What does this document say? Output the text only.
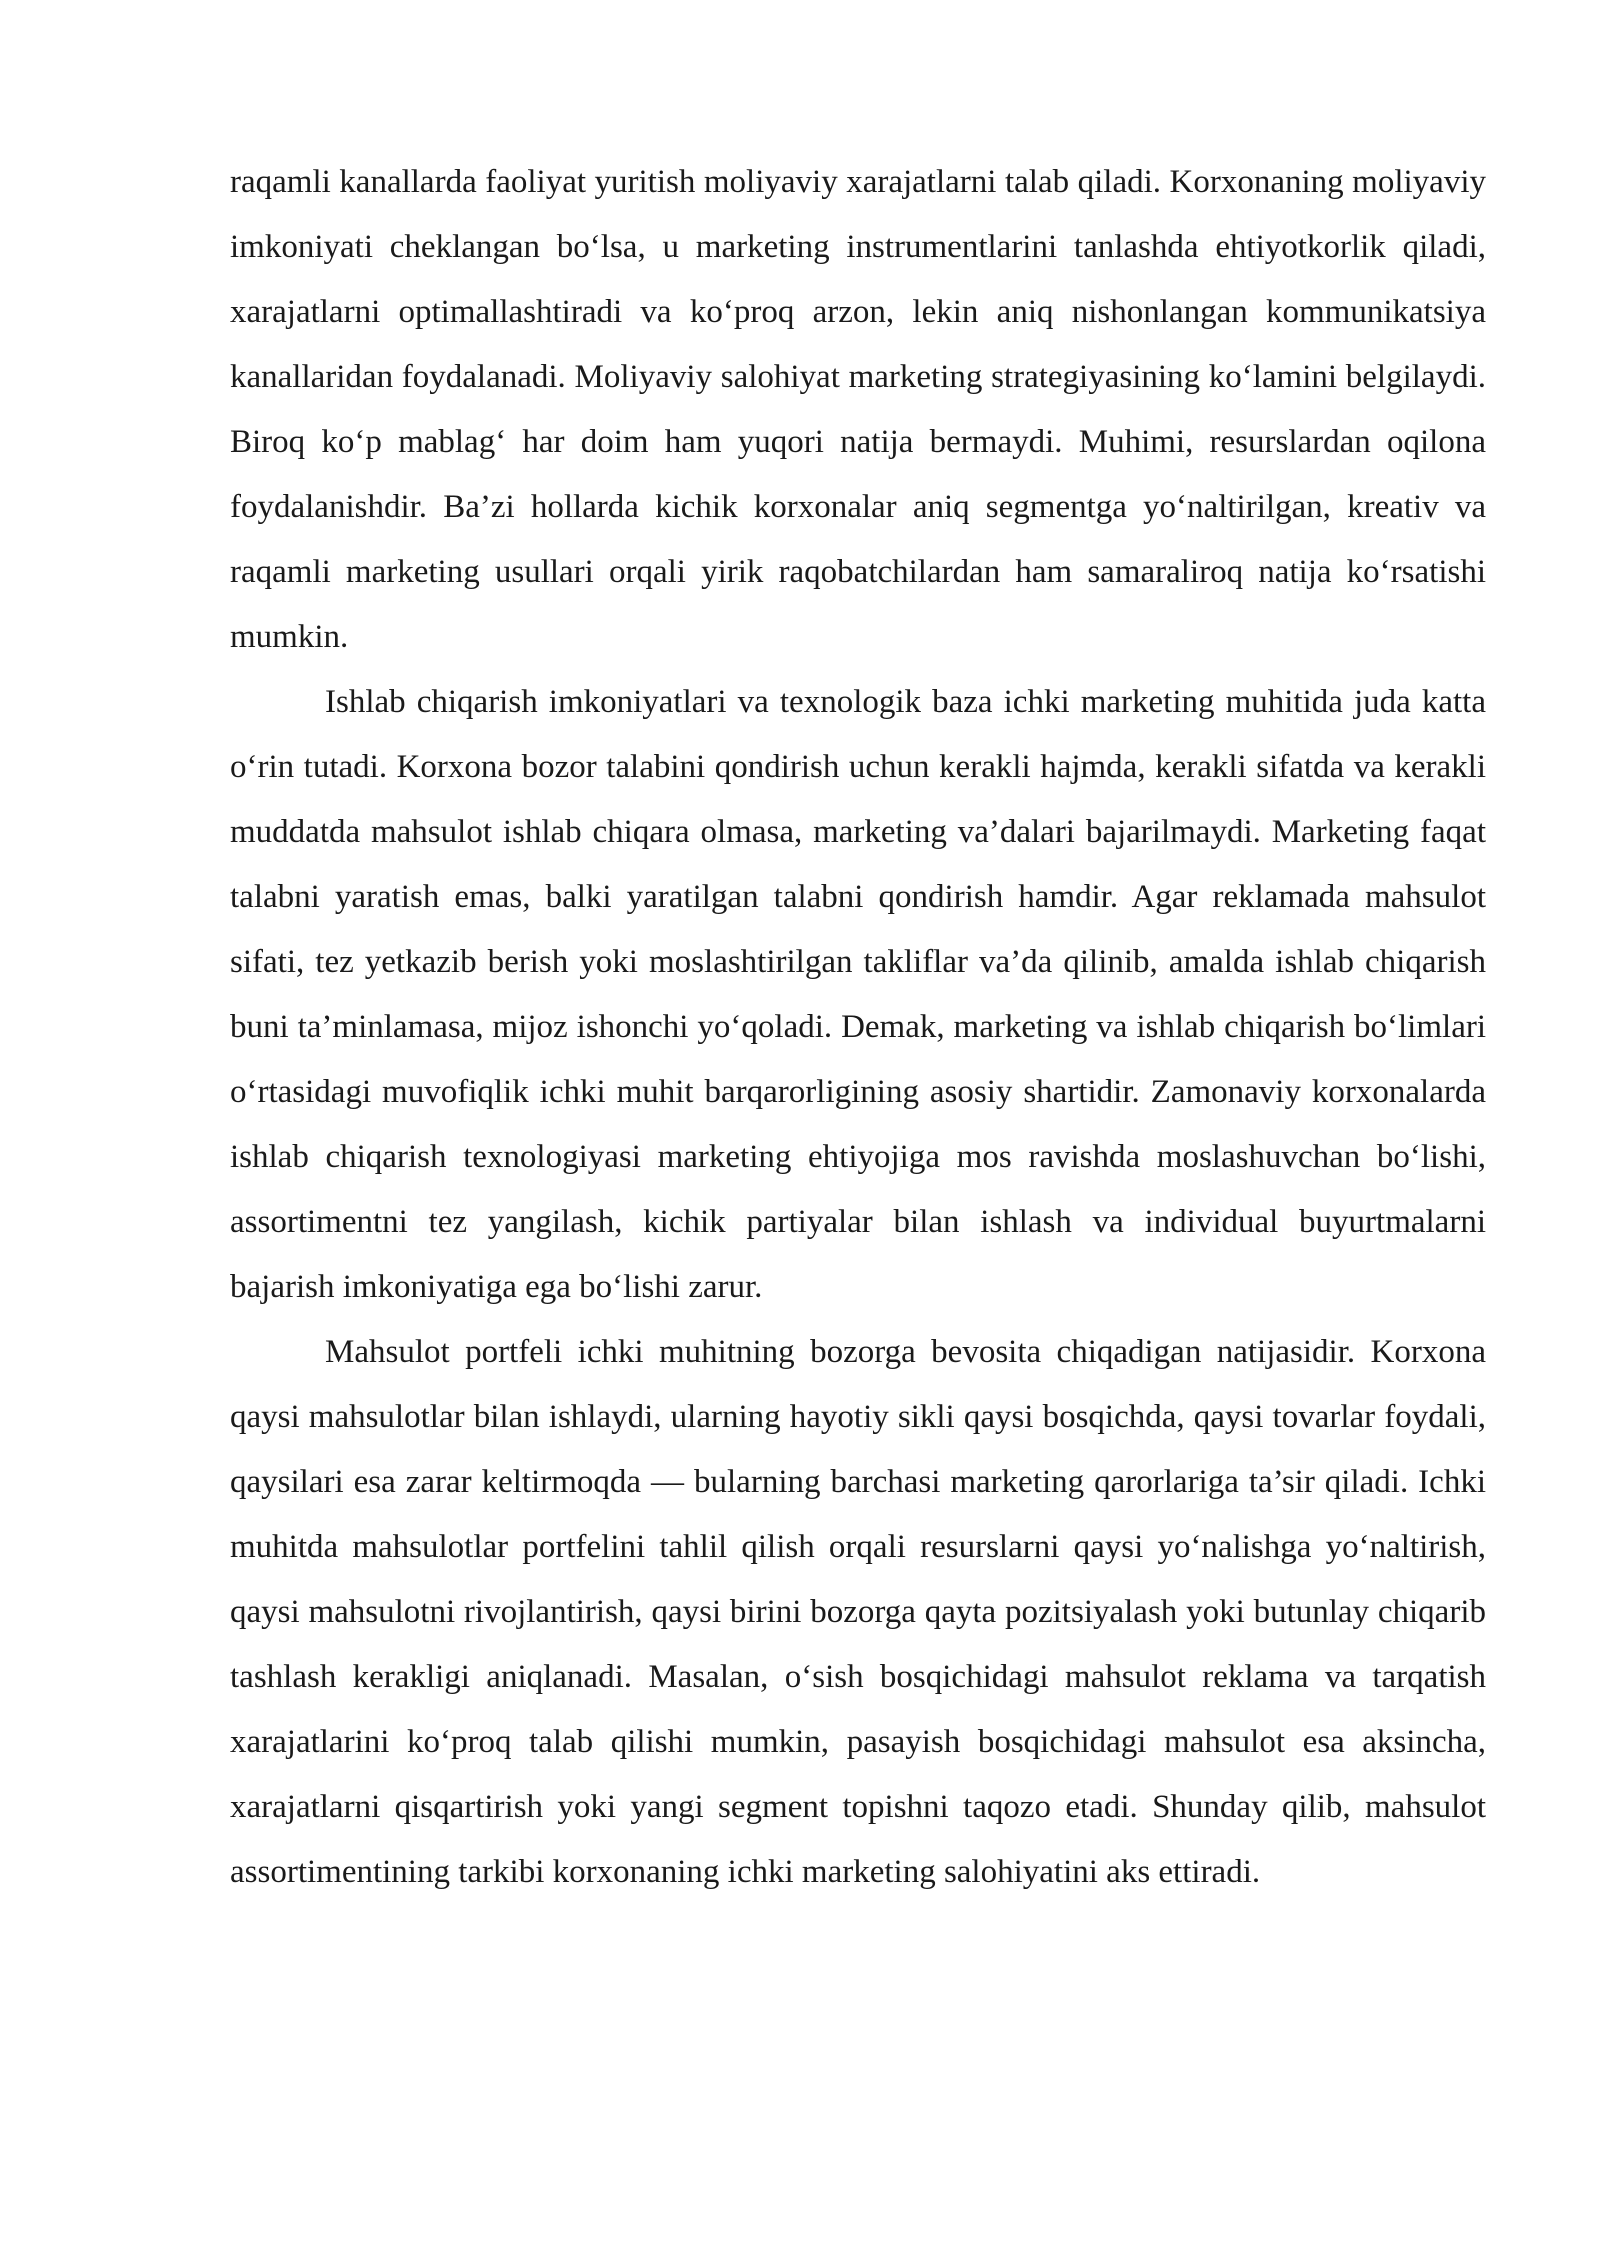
raqamli kanallarda faoliyat yuritish moliyaviy xarajatlarni talab qiladi. Korxonaning moliyaviy imkoniyati cheklangan bo‘lsa, u marketing instrumentlarini tanlashda ehtiyotkorlik qiladi, xarajatlarni optimallashtiradi va ko‘proq arzon, lekin aniq nishonlangan kommunikatsiya kanallaridan foydalanadi. Moliyaviy salohiyat marketing strategiyasining ko‘lamini belgilaydi. Biroq ko‘p mablag‘ har doim ham yuqori natija bermaydi. Muhimi, resurslardan oqilona foydalanishdir. Ba’zi hollarda kichik korxonalar aniq segmentga yo‘naltirilgan, kreativ va raqamli marketing usullari orqali yirik raqobatchilardan ham samaraliroq natija ko‘rsatishi mumkin.

Ishlab chiqarish imkoniyatlari va texnologik baza ichki marketing muhitida juda katta o‘rin tutadi. Korxona bozor talabini qondirish uchun kerakli hajmda, kerakli sifatda va kerakli muddatda mahsulot ishlab chiqara olmasa, marketing va’dalari bajarilmaydi. Marketing faqat talabni yaratish emas, balki yaratilgan talabni qondirish hamdir. Agar reklamada mahsulot sifati, tez yetkazib berish yoki moslashtirilgan takliflar va’da qilinib, amalda ishlab chiqarish buni ta’minlamasa, mijoz ishonchi yo‘qoladi. Demak, marketing va ishlab chiqarish bo‘limlari o‘rtasidagi muvofiqlik ichki muhit barqarorligining asosiy shartidir. Zamonaviy korxonalarda ishlab chiqarish texnologiyasi marketing ehtiyojiga mos ravishda moslashuvchan bo‘lishi, assortimentni tez yangilash, kichik partiyalar bilan ishlash va individual buyurtmalarni bajarish imkoniyatiga ega bo‘lishi zarur.

Mahsulot portfeli ichki muhitning bozorga bevosita chiqadigan natijasidir. Korxona qaysi mahsulotlar bilan ishlaydi, ularning hayotiy sikli qaysi bosqichda, qaysi tovarlar foydali, qaysilari esa zarar keltirmoqda — bularning barchasi marketing qarorlariga ta’sir qiladi. Ichki muhitda mahsulotlar portfelini tahlil qilish orqali resurslarni qaysi yo‘nalishga yo‘naltirish, qaysi mahsulotni rivojlantirish, qaysi birini bozorga qayta pozitsiyalash yoki butunlay chiqarib tashlash kerakligi aniqlanadi. Masalan, o‘sish bosqichidagi mahsulot reklama va tarqatish xarajatlarini ko‘proq talab qilishi mumkin, pasayish bosqichidagi mahsulot esa aksincha, xarajatlarni qisqartirish yoki yangi segment topishni taqozo etadi. Shunday qilib, mahsulot assortimentining tarkibi korxonaning ichki marketing salohiyatini aks ettiradi.
